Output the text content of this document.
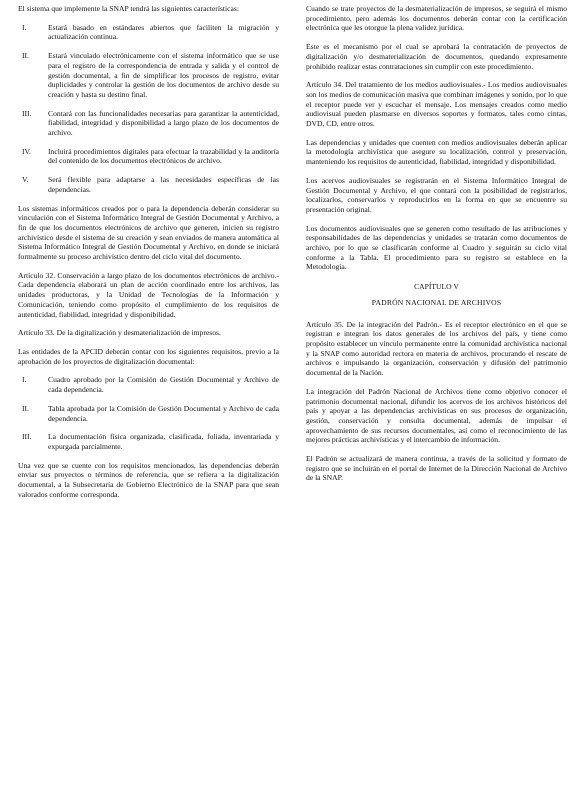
El sistema que implemente la SNAP tendrá las siguientes características:

I.	Estará basado en estándares abiertos que faciliten la migración y actualización continua.
II.	Estará vinculado electrónicamente con el sistema informático que se use para el registro de la correspondencia de entrada y salida y el control de gestión documental, a fin de simplificar los procesos de registro, evitar duplicidades y controlar la gestión de los documentos de archivo desde su creación y hasta su destino final.
III.	Contará con las funcionalidades necesarias para garantizar la autenticidad, fiabilidad, integridad y disponibilidad a largo plazo de los documentos de archivo.
IV.	Incluirá procedimientos digitales para efectuar la trazabilidad y la auditoría del contenido de los documentos electrónicos de archivo.
V.	Será flexible para adaptarse a las necesidades específicas de las dependencias.

Los sistemas informáticos creados por o para la dependencia deberán considerar su vinculación con el Sistema Informático Integral de Gestión Documental y Archivo, a fin de que los documentos electrónicos de archivo que generen, inicien su registro archivístico desde el sistema de su creación y sean enviados de manera automática al Sistema Informático Integral de Gestión Documental y Archivo, en donde se iniciará formalmente su proceso archivístico dentro del ciclo vital del documento.

Artículo 32. Conservación a largo plazo de los documentos electrónicos de archivo.- Cada dependencia elaborará un plan de acción coordinado entre los archivos, las unidades productoras, y la Unidad de Tecnologías de la Información y Comunicación, teniendo como propósito el cumplimiento de los requisitos de autenticidad, fiabilidad, integridad y disponibilidad.

Artículo 33. De la digitalización y desmaterialización de impresos.

Las entidades de la APCID deberán contar con los siguientes requisitos, previo a la aprobación de los proyectos de digitalización documental:

I.	Cuadro aprobado por la Comisión de Gestión Documental y Archivo de cada dependencia.
II.	Tabla aprobada por la Comisión de Gestión Documental y Archivo de cada dependencia.
III.	La documentación física organizada, clasificada, foliada, inventariada y expurgada parcialmente.

Una vez que se cuente con los requisitos mencionados, las dependencias deberán enviar sus proyectos o términos de referencia, que se refiera a la digitalización documental, a la Subsecretaría de Gobierno Electrónico de la SNAP para que sean valorados conforme corresponda.

Cuando se trate proyectos de la desmaterialización de impresos, se seguirá el mismo procedimiento, pero además los documentos deberán contar con la certificación electrónica que les otorgue la plena validez jurídica.

Este es el mecanismo por el cual se aprobará la contratación de proyectos de digitalización y/o desmaterialización de documentos, quedando expresamente prohibido realizar estas contrataciones sin cumplir con este procedimiento.

Artículo 34. Del tratamiento de los medios audiovisuales.- Los medios audiovisuales son los medios de comunicación masiva que combinan imágenes y sonido, por lo que el receptor puede ver y escuchar el mensaje. Los mensajes creados como medio audiovisual pueden plasmarse en diversos soportes y formatos, tales como cintas, DVD, CD, entre otros.

Las dependencias y unidades que cuenten con medios audiovisuales deberán aplicar la metodología archivística que asegure su localización, control y preservación, manteniendo los requisitos de autenticidad, fiabilidad, integridad y disponibilidad.

Los acervos audiovisuales se registrarán en el Sistema Informático Integral de Gestión Documental y Archivo, el que contará con la posibilidad de registrarlos, localizarlos, conservarlos y reproducirlos en la forma en que se encuentre su presentación original.

Los documentos audiovisuales que se generen como resultado de las atribuciones y responsabilidades de las dependencias y unidades se tratarán como documentos de archivo, por lo que se clasificarán conforme al Cuadro y seguirán su ciclo vital conforme a la Tabla. El procedimiento para su registro se establece en la Metodología.

CAPÍTULO V
PADRÓN NACIONAL DE ARCHIVOS

Artículo 35. De la integración del Padrón.- Es el receptor electrónico en el que se registran e integran los datos generales de los archivos del país, y tiene como propósito establecer un vínculo permanente entre la comunidad archivística nacional y la SNAP como autoridad rectora en materia de archivos, procurando el rescate de archivos e impulsando la organización, conservación y difusión del patrimonio documental de la Nación.

La integración del Padrón Nacional de Archivos tiene como objetivo conocer el patrimonio documental nacional, difundir los acervos de los archivos históricos del país y apoyar a las dependencias archivísticas en sus procesos de organización, gestión, conservación y consulta documental, además de impulsar el aprovechamiento de sus recursos documentales, así como el reconocimiento de las mejores prácticas archivísticas y el intercambio de información.

El Padrón se actualizará de manera continua, a través de la solicitud y formato de registro que se incluirán en el portal de Internet de la Dirección Nacional de Archivo de la SNAP.
